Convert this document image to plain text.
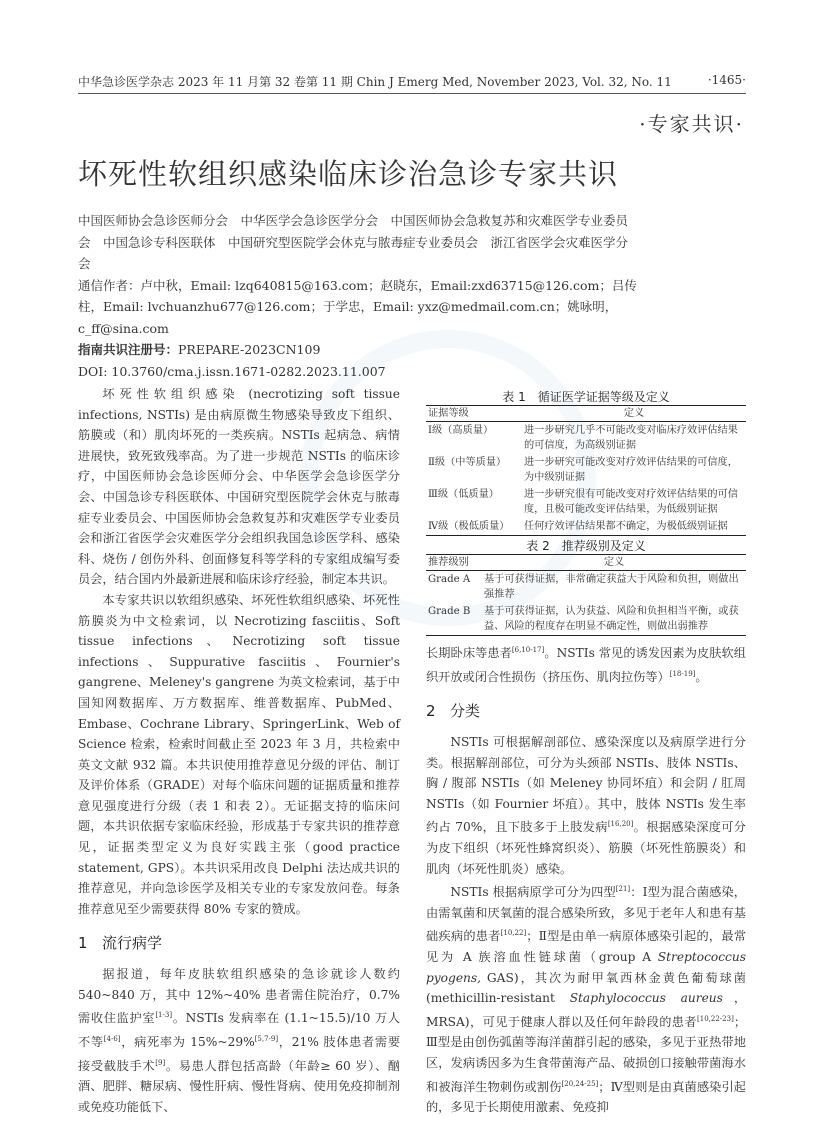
中华急诊医学杂志 2023 年 11 月第 32 卷第 11 期 Chin J Emerg Med, November 2023, Vol. 32, No. 11	·1465·
·专家共识·
坏死性软组织感染临床诊治急诊专家共识

中国医师协会急诊医师分会　中华医学会急诊医学分会　中国医师协会急救复苏和灾难医学专业委员会　中国急诊专科医联体　中国研究型医院学会休克与脓毒症专业委员会　浙江省医学会灾难医学分会

通信作者：卢中秋，Email: lzq640815@163.com；赵晓东，Email:zxd63715@126.com；吕传柱，Email: lvchuanzhu677@126.com；于学忠，Email: yxz@medmail.com.cn；姚咏明，c_ff@sina.com

指南共识注册号：PREPARE-2023CN109

DOI: 10.3760/cma.j.issn.1671-0282.2023.11.007

坏死性软组织感染 (necrotizing soft tissue infections, NSTIs) 是由病原微生物感染导致皮下组织、筋膜或（和）肌肉坏死的一类疾病。NSTIs 起病急、病情进展快，致死致残率高。为了进一步规范 NSTIs 的临床诊疗，中国医师协会急诊医师分会、中华医学会急诊医学分会、中国急诊专科医联体、中国研究型医院学会休克与脓毒症专业委员会、中国医师协会急救复苏和灾难医学专业委员会和浙江省医学会灾难医学分会组织我国急诊医学科、感染科、烧伤 / 创伤外科、创面修复科等学科的专家组成编写委员会，结合国内外最新进展和临床诊疗经验，制定本共识。

本专家共识以软组织感染、坏死性软组织感染、坏死性筋膜炎为中文检索词，以 Necrotizing fasciitis、Soft tissue infections、Necrotizing soft tissue infections、Suppurative fasciitis、Fournier's gangrene、Meleney's gangrene 为英文检索词，基于中国知网数据库、万方数据库、维普数据库、PubMed、Embase、Cochrane Library、SpringerLink、Web of Science 检索，检索时间截止至 2023 年 3 月，共检索中英文文献 932 篇。本共识使用推荐意见分级的评估、制订及评价体系（GRADE）对每个临床问题的证据质量和推荐意见强度进行分级（表 1 和表 2）。无证据支持的临床问题，本共识依据专家临床经验，形成基于专家共识的推荐意见，证据类型定义为良好实践主张（good practice statement, GPS）。本共识采用改良 Delphi 法达成共识的推荐意见，并向急诊医学及相关专业的专家发放问卷。每条推荐意见至少需要获得 80% 专家的赞成。

1 流行病学

据报道，每年皮肤软组织感染的急诊就诊人数约 540~840 万，其中 12%~40% 患者需住院治疗，0.7% 需收住监护室[1-3]。NSTIs 发病率在 (1.1~15.5)/10 万人不等[4-6]，病死率为 15%~29%[5,7-9]，21% 肢体患者需要接受截肢手术[9]。易患人群包括高龄（年龄≥ 60 岁）、酗酒、肥胖、糖尿病、慢性肝病、慢性肾病、使用免疫抑制剂或免疫功能低下、

表 1　循证医学证据等级及定义

证据等级	定义
Ⅰ级（高质量）	进一步研究几乎不可能改变对临床疗效评估结果的可信度，为高级别证据
Ⅱ级（中等质量）	进一步研究可能改变对疗效评估结果的可信度，为中级别证据
Ⅲ级（低质量）	进一步研究很有可能改变对疗效评估结果的可信度，且极可能改变评估结果，为低级别证据
Ⅳ级（极低质量）	任何疗效评估结果都不确定，为极低级别证据

表 2　推荐级别及定义

推荐级别	定义
Grade A	基于可获得证据，非常确定获益大于风险和负担，则做出强推荐
Grade B	基于可获得证据，认为获益、风险和负担相当平衡，或获益、风险的程度存在明显不确定性，则做出弱推荐

长期卧床等患者[6,10-17]。NSTIs 常见的诱发因素为皮肤软组织开放或闭合性损伤（挤压伤、肌肉拉伤等）[18-19]。

2 分类

NSTIs 可根据解剖部位、感染深度以及病原学进行分类。根据解剖部位，可分为头颈部 NSTIs、肢体 NSTIs、胸 / 腹部 NSTIs（如 Meleney 协同坏疽）和会阴 / 肛周 NSTIs（如 Fournier 坏疽）。其中，肢体 NSTIs 发生率约占 70%，且下肢多于上肢发病[16,20]。根据感染深度可分为皮下组织（坏死性蜂窝织炎）、筋膜（坏死性筋膜炎）和肌肉（坏死性肌炎）感染。

NSTIs 根据病原学可分为四型[21]：Ⅰ型为混合菌感染，由需氧菌和厌氧菌的混合感染所致，多见于老年人和患有基础疾病的患者[10,22]；Ⅱ型是由单一病原体感染引起的，最常见为 A 族溶血性链球菌（group A Streptococcus pyogens, GAS)，其次为耐甲氧西林金黄色葡萄球菌(methicillin-resistant Staphylococcus aureus，MRSA)，可见于健康人群以及任何年龄段的患者[10,22-23]；Ⅲ型是由创伤弧菌等海洋菌群引起的感染，多见于亚热带地区，发病诱因多为生食带菌海产品、破损创口接触带菌海水和被海洋生物刺伤或割伤[20,24-25]；Ⅳ型则是由真菌感染引起的，多见于长期使用激素、免疫抑
